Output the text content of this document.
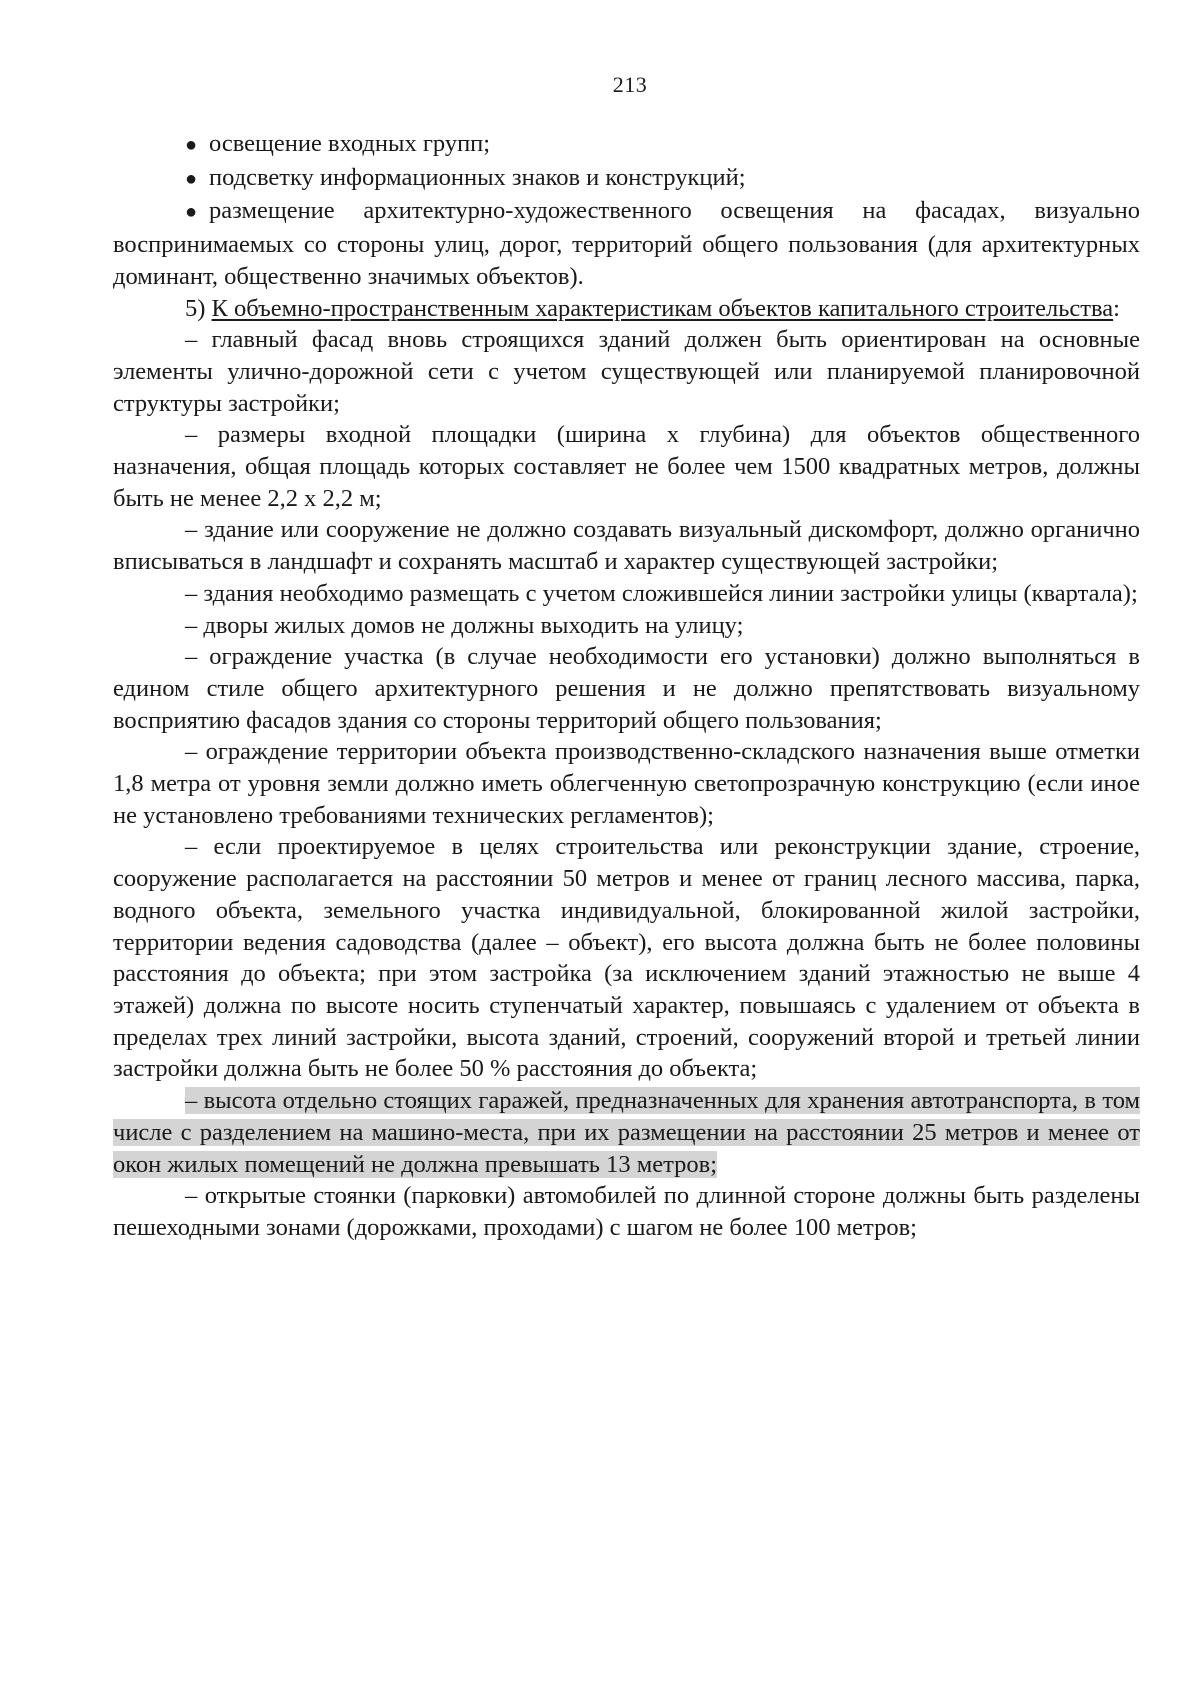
213

● освещение входных групп;

● подсветку информационных знаков и конструкций;

● размещение архитектурно-художественного освещения на фасадах, визуально воспринимаемых со стороны улиц, дорог, территорий общего пользования (для архитектурных доминант, общественно значимых объектов).

5) К объемно-пространственным характеристикам объектов капитального строительства:

– главный фасад вновь строящихся зданий должен быть ориентирован на основные элементы улично-дорожной сети с учетом существующей или планируемой планировочной структуры застройки;

– размеры входной площадки (ширина х глубина) для объектов общественного назначения, общая площадь которых составляет не более чем 1500 квадратных метров, должны быть не менее 2,2 х 2,2 м;

– здание или сооружение не должно создавать визуальный дискомфорт, должно органично вписываться в ландшафт и сохранять масштаб и характер существующей застройки;

– здания необходимо размещать с учетом сложившейся линии застройки улицы (квартала);

– дворы жилых домов не должны выходить на улицу;

– ограждение участка (в случае необходимости его установки) должно выполняться в едином стиле общего архитектурного решения и не должно препятствовать визуальному восприятию фасадов здания со стороны территорий общего пользования;

– ограждение территории объекта производственно-складского назначения выше отметки 1,8 метра от уровня земли должно иметь облегченную светопрозрачную конструкцию (если иное не установлено требованиями технических регламентов);

– если проектируемое в целях строительства или реконструкции здание, строение, сооружение располагается на расстоянии 50 метров и менее от границ лесного массива, парка, водного объекта, земельного участка индивидуальной, блокированной жилой застройки, территории ведения садоводства (далее – объект), его высота должна быть не более половины расстояния до объекта; при этом застройка (за исключением зданий этажностью не выше 4 этажей) должна по высоте носить ступенчатый характер, повышаясь с удалением от объекта в пределах трех линий застройки, высота зданий, строений, сооружений второй и третьей линии застройки должна быть не более 50 % расстояния до объекта;

– высота отдельно стоящих гаражей, предназначенных для хранения автотранспорта, в том числе с разделением на машино-места, при их размещении на расстоянии 25 метров и менее от окон жилых помещений не должна превышать 13 метров;

– открытые стоянки (парковки) автомобилей по длинной стороне должны быть разделены пешеходными зонами (дорожками, проходами) с шагом не более 100 метров;
